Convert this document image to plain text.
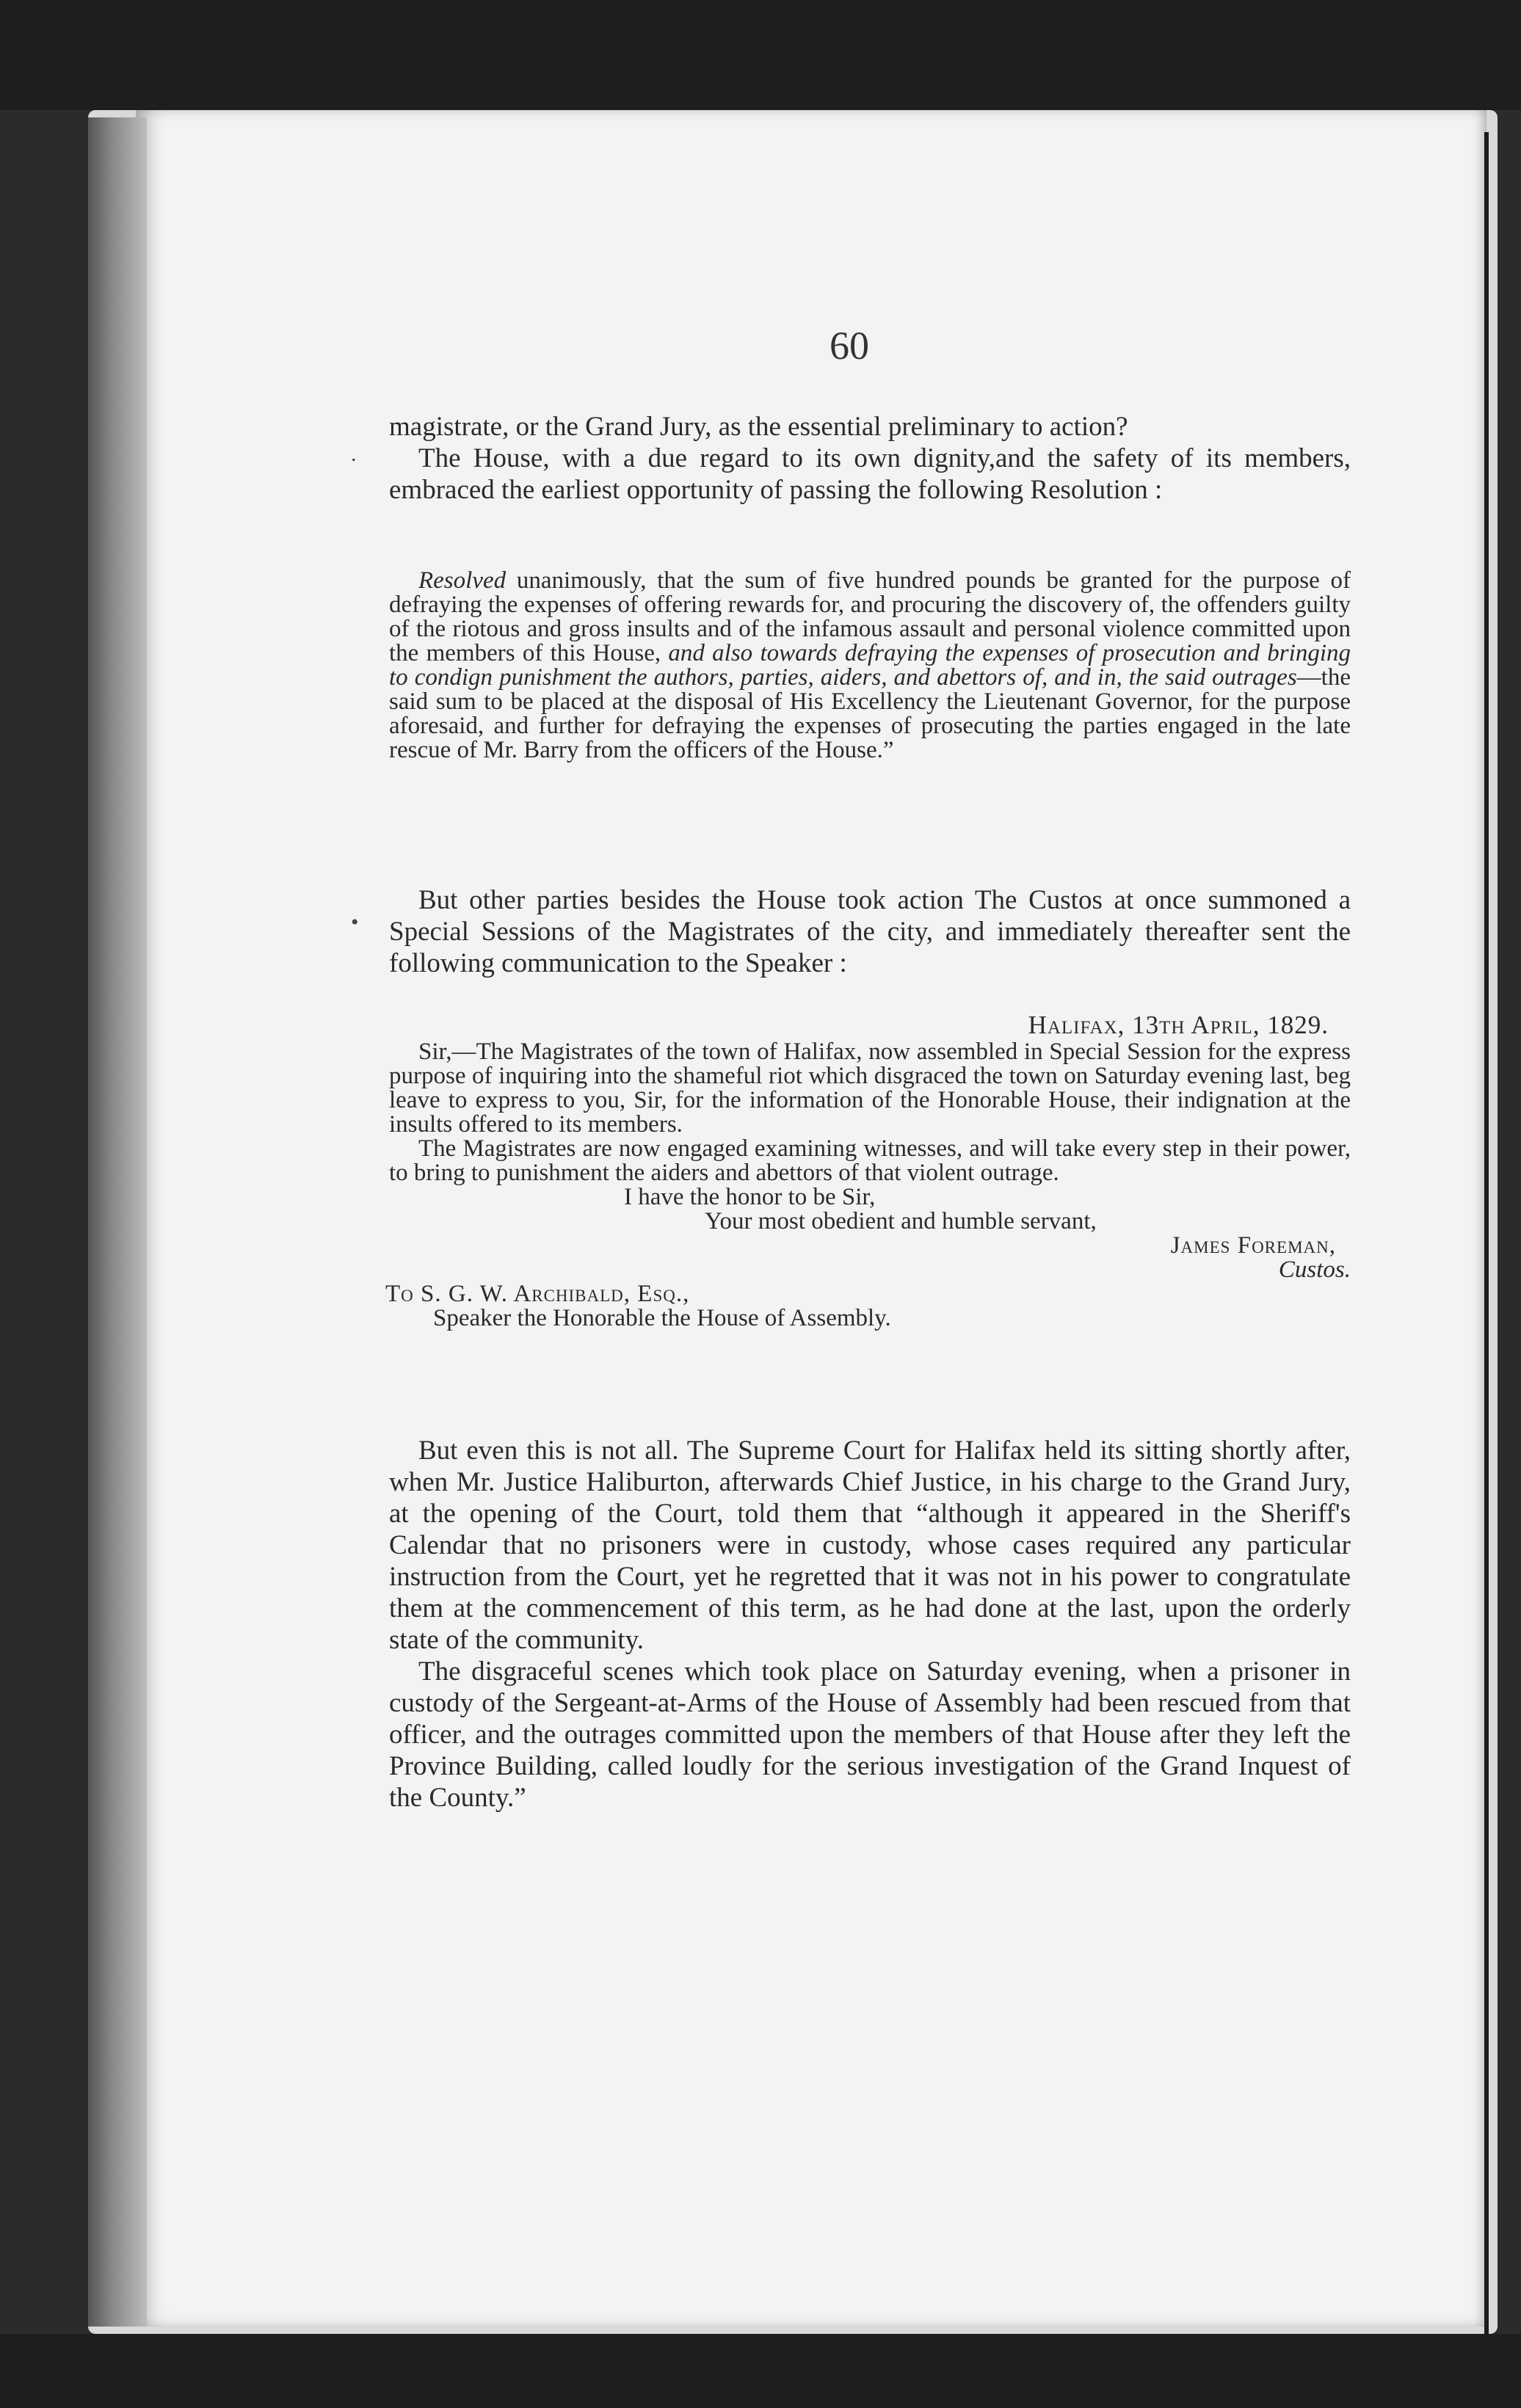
60
.
•

magistrate, or the Grand Jury, as the essential preliminary to action?

The House, with a due regard to its own dignity,and the safety of its members, embraced the earliest opportunity of passing the following Resolution :

Resolved unanimously, that the sum of five hundred pounds be granted for the purpose of defraying the expenses of offering rewards for, and procuring the discovery of, the offenders guilty of the riotous and gross insults and of the infamous assault and personal violence committed upon the members of this House, and also towards defraying the expenses of prosecution and bringing to condign punishment the authors, parties, aiders, and abettors of, and in, the said outrages—the said sum to be placed at the disposal of His Excellency the Lieutenant Governor, for the purpose aforesaid, and further for defraying the expenses of prosecuting the parties engaged in the late rescue of Mr. Barry from the officers of the House.”

But other parties besides the House took action The Custos at once summoned a Special Sessions of the Magistrates of the city, and immediately thereafter sent the following communication to the Speaker :

Halifax, 13th April, 1829.

Sir,—The Magistrates of the town of Halifax, now assembled in Special Session for the express purpose of inquiring into the shameful riot which disgraced the town on Saturday evening last, beg leave to express to you, Sir, for the information of the Honorable House, their indignation at the insults offered to its members.

The Magistrates are now engaged examining witnesses, and will take every step in their power, to bring to punishment the aiders and abettors of that violent outrage.

I have the honor to be Sir,
Your most obedient and humble servant,
James Foreman,
Custos.
To S. G. W. Archibald, Esq.,
Speaker the Honorable the House of Assembly.

But even this is not all. The Supreme Court for Halifax held its sitting shortly after, when Mr. Justice Haliburton, afterwards Chief Justice, in his charge to the Grand Jury, at the opening of the Court, told them that “although it appeared in the Sheriff's Calendar that no prisoners were in custody, whose cases required any particular instruction from the Court, yet he regretted that it was not in his power to congratulate them at the commencement of this term, as he had done at the last, upon the orderly state of the community.

The disgraceful scenes which took place on Saturday evening, when a prisoner in custody of the Sergeant-at-Arms of the House of Assembly had been rescued from that officer, and the outrages committed upon the members of that House after they left the Province Building, called loudly for the serious investigation of the Grand Inquest of the County.”
